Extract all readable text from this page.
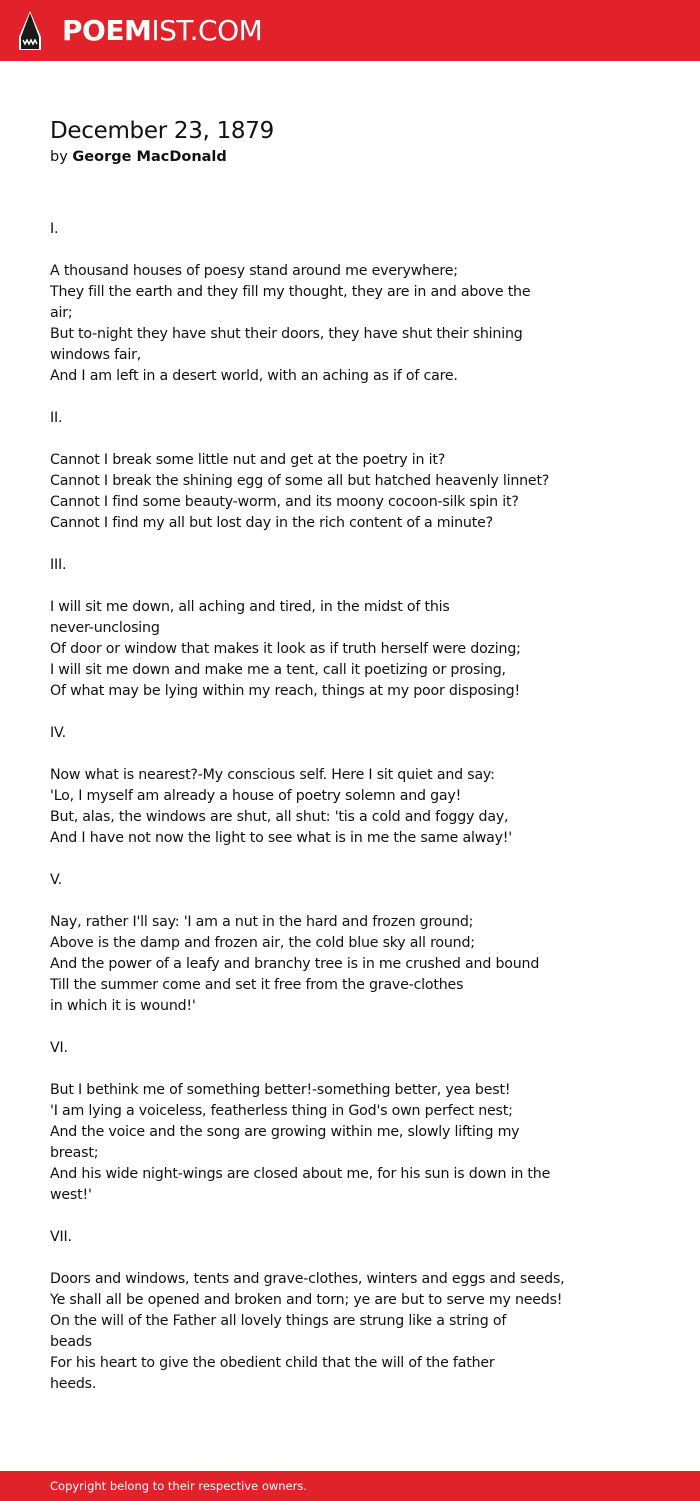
POEMIST.COM
December 23, 1879

by George MacDonald

I.
A thousand houses of poesy stand around me everywhere;
They fill the earth and they fill my thought, they are in and above the
air;
But to-night they have shut their doors, they have shut their shining
windows fair,
And I am left in a desert world, with an aching as if of care.
II.
Cannot I break some little nut and get at the poetry in it?
Cannot I break the shining egg of some all but hatched heavenly linnet?
Cannot I find some beauty-worm, and its moony cocoon-silk spin it?
Cannot I find my all but lost day in the rich content of a minute?
III.
I will sit me down, all aching and tired, in the midst of this
never-unclosing
Of door or window that makes it look as if truth herself were dozing;
I will sit me down and make me a tent, call it poetizing or prosing,
Of what may be lying within my reach, things at my poor disposing!
IV.
Now what is nearest?-My conscious self. Here I sit quiet and say:
'Lo, I myself am already a house of poetry solemn and gay!
But, alas, the windows are shut, all shut: 'tis a cold and foggy day,
And I have not now the light to see what is in me the same alway!'
V.
Nay, rather I'll say: 'I am a nut in the hard and frozen ground;
Above is the damp and frozen air, the cold blue sky all round;
And the power of a leafy and branchy tree is in me crushed and bound
Till the summer come and set it free from the grave-clothes
in which it is wound!'
VI.
But I bethink me of something better!-something better, yea best!
'I am lying a voiceless, featherless thing in God's own perfect nest;
And the voice and the song are growing within me, slowly lifting my
breast;
And his wide night-wings are closed about me, for his sun is down in the
west!'
VII.
Doors and windows, tents and grave-clothes, winters and eggs and seeds,
Ye shall all be opened and broken and torn; ye are but to serve my needs!
On the will of the Father all lovely things are strung like a string of
beads
For his heart to give the obedient child that the will of the father
heeds.
Copyright belong to their respective owners.
